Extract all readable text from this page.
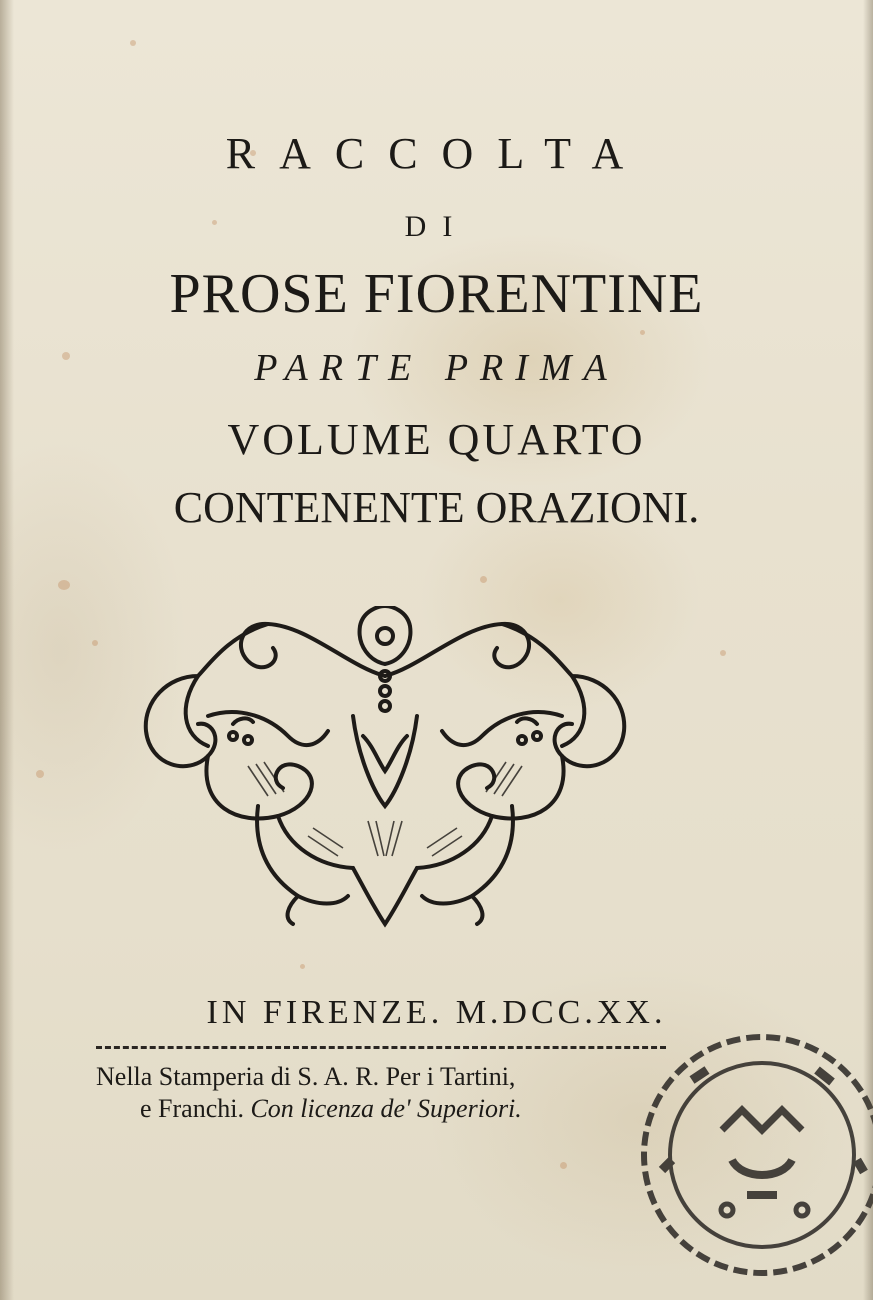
RACCOLTA
DI
PROSE FIORENTINE
PARTE PRIMA
VOLUME QUARTO
CONTENENTE ORAZIONI.
IN FIRENZE. M.DCC.XX.
Nella Stamperia di S. A. R. Per i Tartini,
e Franchi. Con licenza de' Superiori.
